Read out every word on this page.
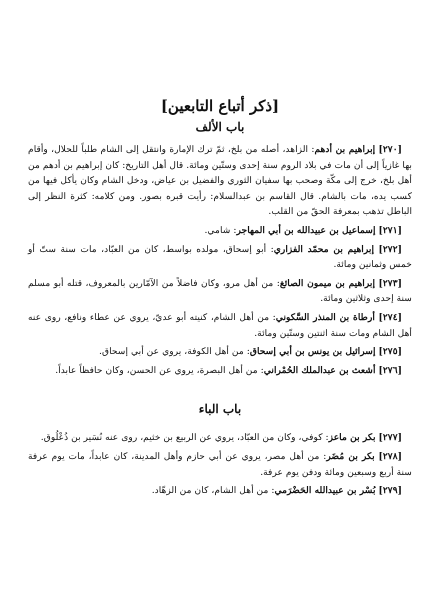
[ذكر أتباع التابعين]
باب الألف

[٢٧٠] إبراهيم بن أدهم: الزاهد، أصله من بلخ، ثمّ ترك الإمارة وانتقل إلى الشام طلباً للحلال، وأقام بها غازياً إلى أن مات في بلاد الروم سنة إحدى وستّين ومائة. قال أهل التاريخ: كان إبراهيم بن أدهم من أهل بلخ، خرج إلى مكّة وصحب بها سفيان الثوري والفضيل بن عياض، ودخل الشام وكان يأكل فيها من كسب يده، مات بالشام. قال القاسم بن عبدالسلام: رأيت قبره بصور. ومن كلامه: كثرة النظر إلى الباطل تذهب بمعرفة الحقّ من القلب.

[٢٧١] إسماعيل بن عبيدالله بن أبي المهاجر: شامي.

[٢٧٢] إبراهيم بن محمّد الفزاري: أبو إسحاق، مولده بواسط، كان من العبّاد، مات سنة ستّ أو خمس وثمانين ومائة.

[٢٧٣] إبراهيم بن ميمون الصائغ: من أهل مرو، وكان فاضلاً من الآمّارين بالمعروف، قتله أبو مسلم سنة إحدى وثلاثين ومائة.

[٢٧٤] أرطاة بن المنذر السَّكوني: من أهل الشام، كنيته أبو عديّ، يروي عن عطاء ونافع، روى عنه أهل الشام ومات سنة اثنتين وستّين ومائة.

[٢٧٥] إسرائيل بن يونس بن أبي إسحاق: من أهل الكوفة، يروي عن أبي إسحاق.

[٢٧٦] أشعث بن عبدالملك الحُمْراني: من أهل البصرة، يروي عن الحسن، وكان حافظاً عابداً.

باب الباء

[٢٧٧] بكر بن ماعز: كوفي، وكان من العبّاد، يروي عن الربيع بن خثيم، روى عنه نُسَير بن ذُعْلُوق.

[٢٧٨] بكر بن مُضَر: من أهل مصر، يروي عن أبي حازم وأهل المدينة، كان عابداً، مات يوم عرفة سنة أربع وسبعين ومائة ودفن يوم عرفة.

[٢٧٩] بُسْر بن عبيدالله الحَضْرَمي: من أهل الشام، كان من الزهّاد.
